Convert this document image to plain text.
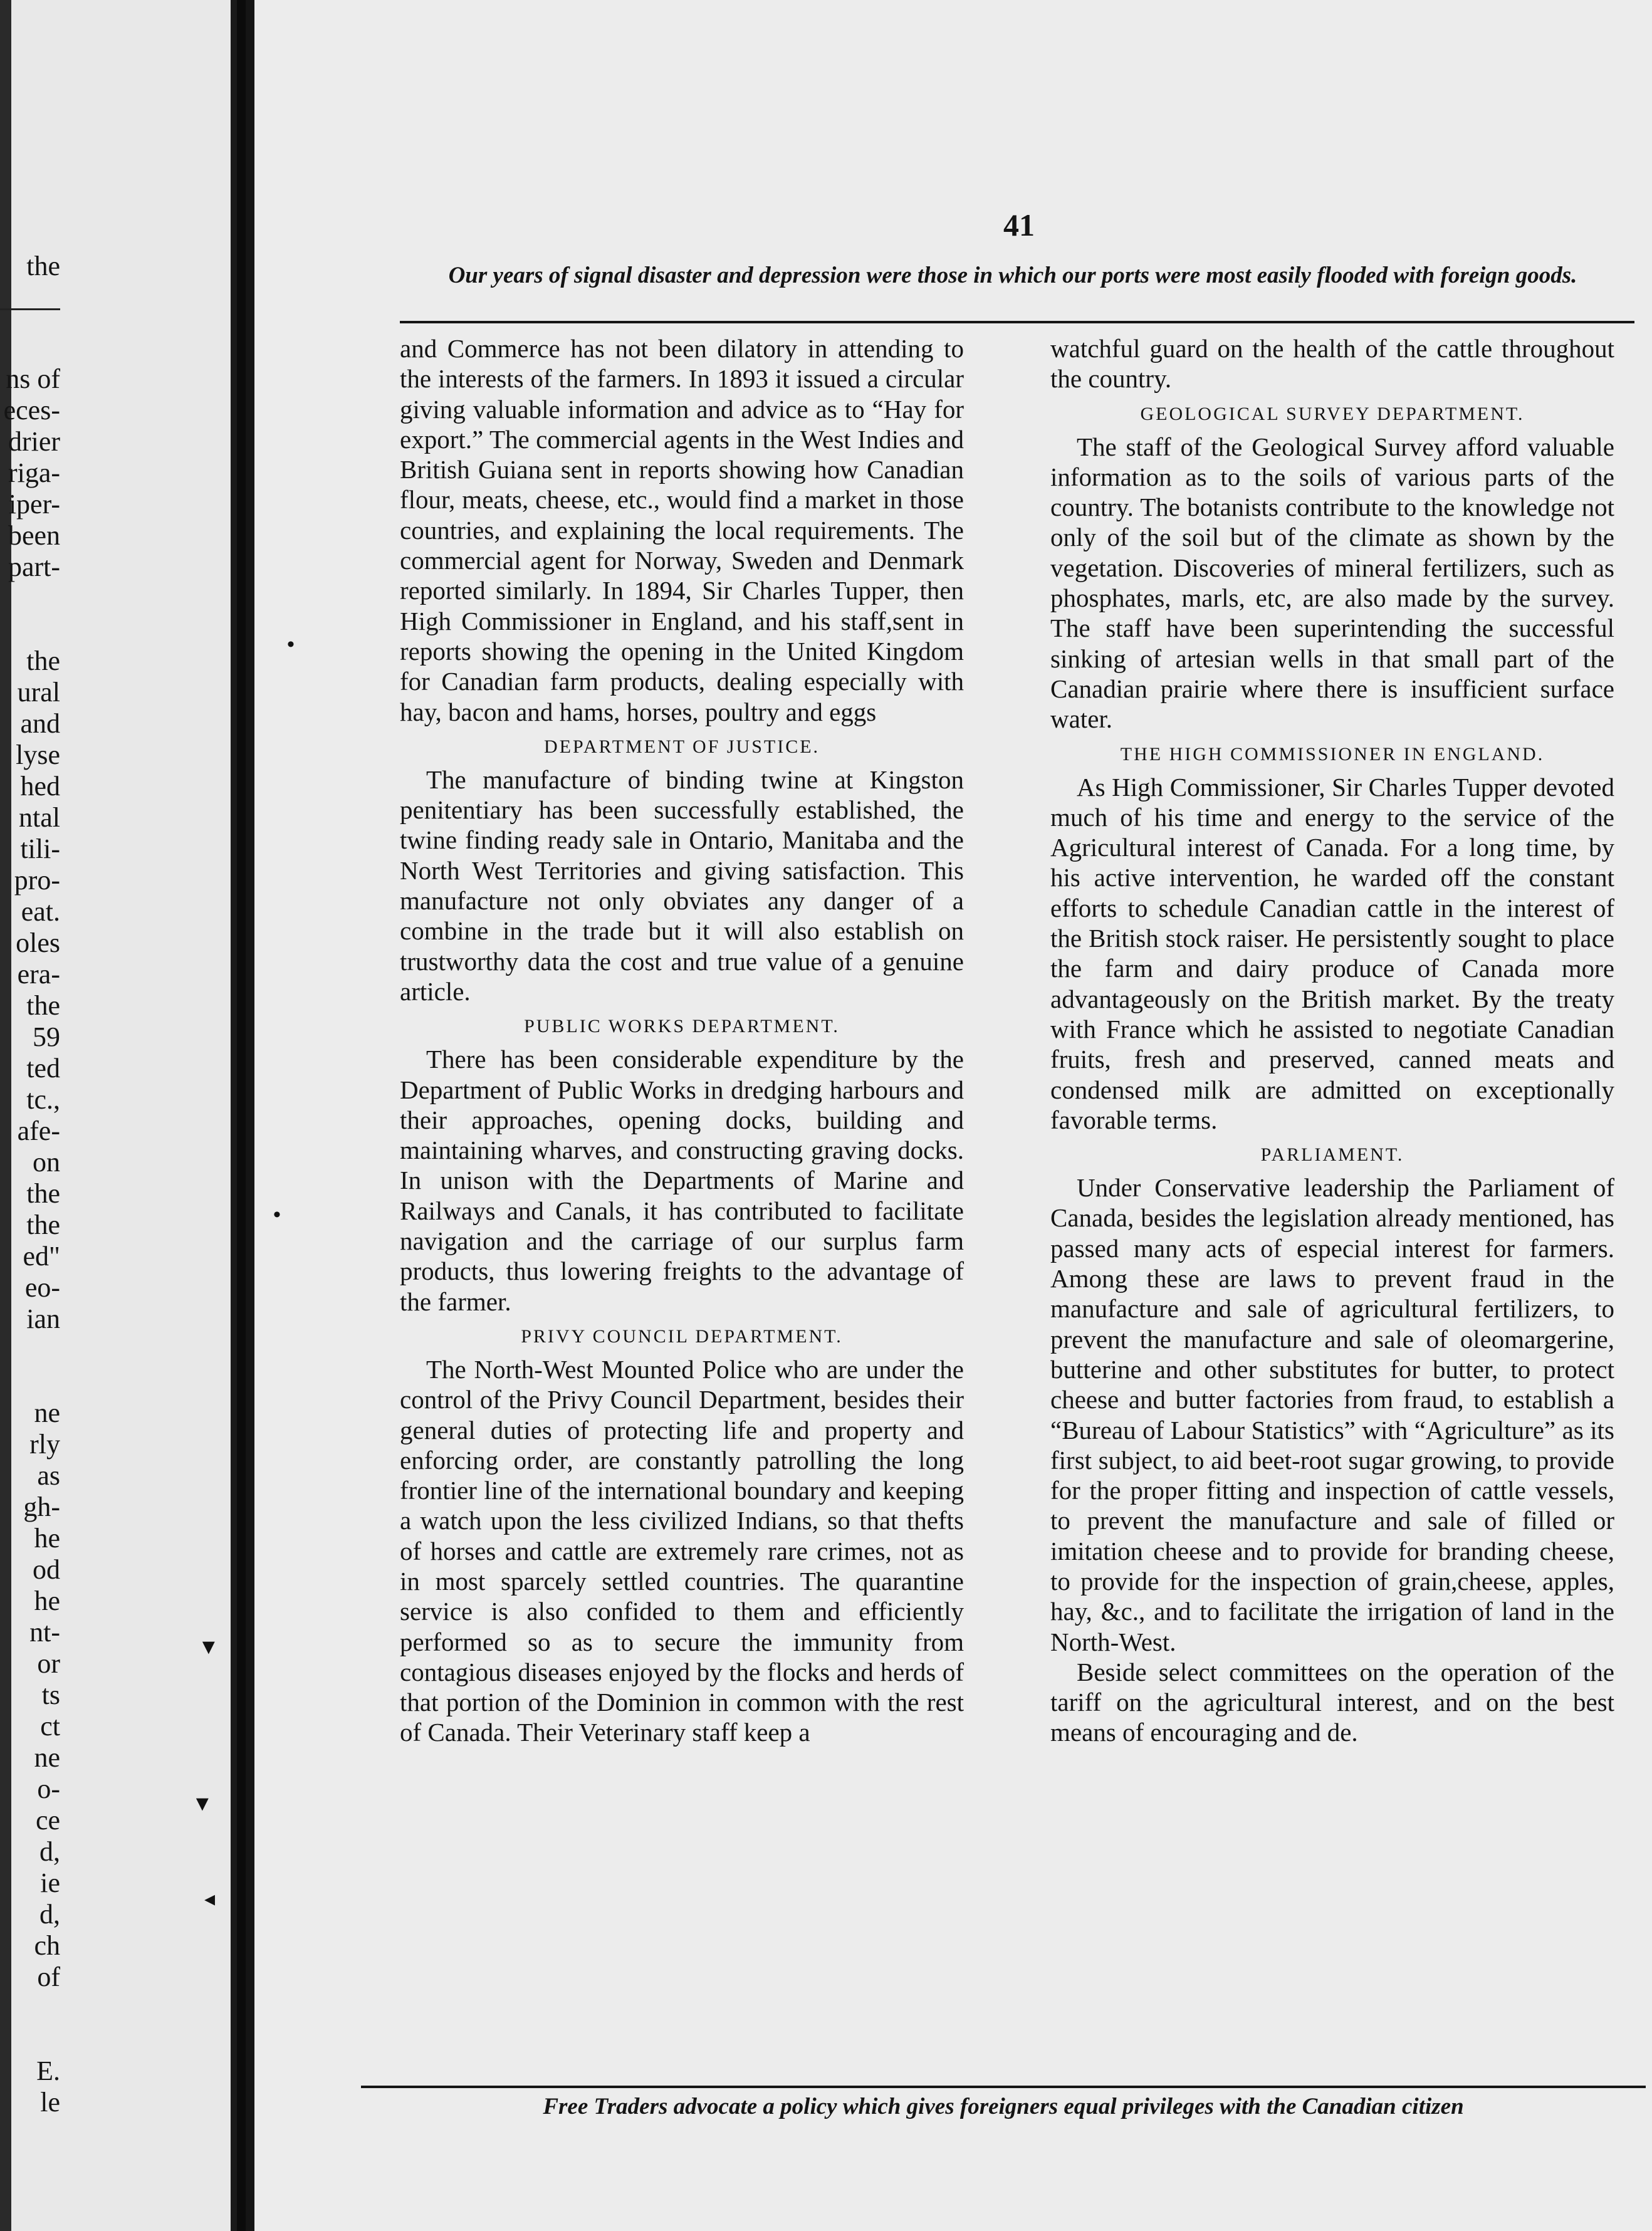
the
ns of
eces-
drier
riga-
iper-
been
part-
the
ural
and
lyse
hed
ntal
tili-
pro-
eat.
oles
era-
the
59
ted
tc.,
afe-
on
the
the
ed"
eo-
ian
ne
rly
as
gh-
he
od
he
nt-
or
ts
ct
ne
o-
ce
d,
ie
d,
ch
of
E.
le
•
•
▼
▼
◂
41
Our years of signal disaster and depression were those in which our ports were most easily flooded with foreign goods.

and Commerce has not been dilatory in attending to the interests of the farmers. In 1893 it issued a circular giving valuable information and advice as to “Hay for export.” The commercial agents in the West Indies and British Guiana sent in reports showing how Canadian flour, meats, cheese, etc., would find a market in those countries, and explaining the local requirements. The commercial agent for Norway, Sweden and Denmark reported similarly. In 1894, Sir Charles Tupper, then High Commissioner in England, and his staff,sent in reports showing the opening in the United Kingdom for Canadian farm products, dealing especially with hay, bacon and hams, horses, poultry and eggs

DEPARTMENT OF JUSTICE.

The manufacture of binding twine at Kingston penitentiary has been successfully established, the twine finding ready sale in Ontario, Manitaba and the North West Territories and giving satisfaction. This manufacture not only obviates any danger of a combine in the trade but it will also establish on trustworthy data the cost and true value of a genuine article.

PUBLIC WORKS DEPARTMENT.

There has been considerable expenditure by the Department of Public Works in dredging harbours and their approaches, opening docks, building and maintaining wharves, and constructing graving docks. In unison with the Departments of Marine and Railways and Canals, it has contributed to facilitate navigation and the carriage of our surplus farm products, thus lowering freights to the advantage of the farmer.

PRIVY COUNCIL DEPARTMENT.

The North-West Mounted Police who are under the control of the Privy Council Department, besides their general duties of protecting life and property and enforcing order, are constantly patrolling the long frontier line of the international boundary and keeping a watch upon the less civilized Indians, so that thefts of horses and cattle are extremely rare crimes, not as in most sparcely settled countries. The quarantine service is also confided to them and efficiently performed so as to secure the immunity from contagious diseases enjoyed by the flocks and herds of that portion of the Dominion in common with the rest of Canada. Their Veterinary staff keep a

watchful guard on the health of the cattle throughout the country.

GEOLOGICAL SURVEY DEPARTMENT.

The staff of the Geological Survey afford valuable information as to the soils of various parts of the country. The botanists contribute to the knowledge not only of the soil but of the climate as shown by the vegetation. Discoveries of mineral fertilizers, such as phosphates, marls, etc, are also made by the survey. The staff have been superintending the successful sinking of artesian wells in that small part of the Canadian prairie where there is insufficient surface water.

THE HIGH COMMISSIONER IN ENGLAND.

As High Commissioner, Sir Charles Tupper devoted much of his time and energy to the service of the Agricultural interest of Canada. For a long time, by his active intervention, he warded off the constant efforts to schedule Canadian cattle in the interest of the British stock raiser. He persistently sought to place the farm and dairy produce of Canada more advantageously on the British market. By the treaty with France which he assisted to negotiate Canadian fruits, fresh and preserved, canned meats and condensed milk are admitted on exceptionally favorable terms.

PARLIAMENT.

Under Conservative leadership the Parliament of Canada, besides the legislation already mentioned, has passed many acts of especial interest for farmers. Among these are laws to prevent fraud in the manufacture and sale of agricultural fertilizers, to prevent the manufacture and sale of oleomargerine, butterine and other substitutes for butter, to protect cheese and butter factories from fraud, to establish a “Bureau of Labour Statistics” with “Agriculture” as its first subject, to aid beet-root sugar growing, to provide for the proper fitting and inspection of cattle vessels, to prevent the manufacture and sale of filled or imitation cheese and to provide for branding cheese, to provide for the inspection of grain,cheese, apples, hay, &c., and to facilitate the irrigation of land in the North-West.

Beside select committees on the operation of the tariff on the agricultural interest, and on the best means of encouraging and de.

Free Traders advocate a policy which gives foreigners equal privileges with the Canadian citizen
